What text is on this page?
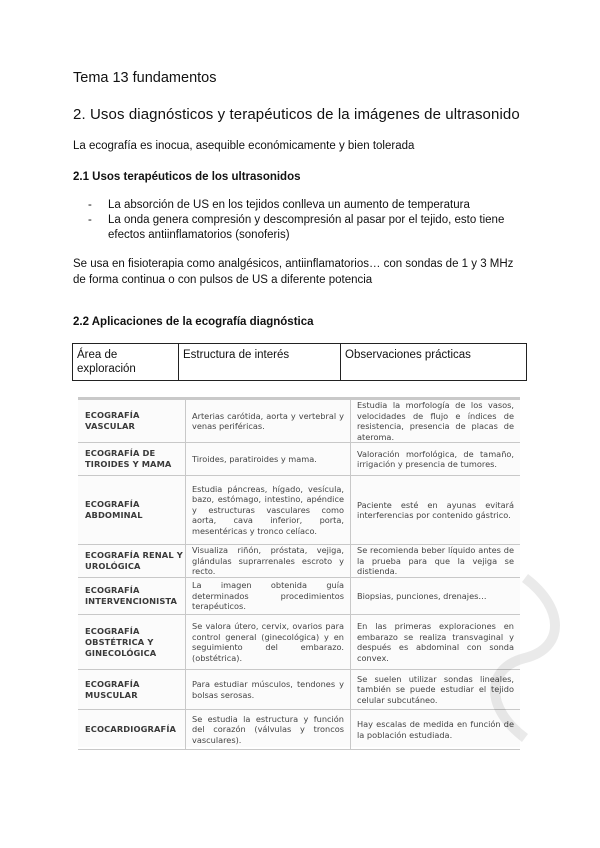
Tema 13 fundamentos
2. Usos diagnósticos y terapéuticos de la imágenes de ultrasonido
La ecografía es inocua, asequible económicamente y bien tolerada
2.1 Usos terapéuticos de los ultrasonidos
- La absorción de US en los tejidos conlleva un aumento de temperatura
- La onda genera compresión y descompresión al pasar por el tejido, esto tiene efectos antiinflamatorios (sonoferis)
Se usa en fisioterapia como analgésicos, antiinflamatorios… con sondas de 1 y 3 MHz de forma continua o con pulsos de US a diferente potencia
2.2 Aplicaciones de la ecografía diagnóstica
Área de exploración	Estructura de interés	Observaciones prácticas
ECOGRAFÍA VASCULAR	Arterias carótida, aorta y vertebral y venas periféricas.	Estudia la morfología de los vasos, velocidades de flujo e índices de resistencia, presencia de placas de ateroma.
ECOGRAFÍA DE TIROIDES Y MAMA	Tiroides, paratiroides y mama.	Valoración morfológica, de tamaño, irrigación y presencia de tumores.
ECOGRAFÍA ABDOMINAL	Estudia páncreas, hígado, vesícula, bazo, estómago, intestino, apéndice y estructuras vasculares como aorta, cava inferior, porta, mesentéricas y tronco celíaco.	Paciente esté en ayunas evitará interferencias por contenido gástrico.
ECOGRAFÍA RENAL Y UROLÓGICA	Visualiza riñón, próstata, vejiga, glándulas suprarrenales escroto y recto.	Se recomienda beber líquido antes de la prueba para que la vejiga se distienda.
ECOGRAFÍA INTERVENCIONISTA	La imagen obtenida guía determinados procedimientos terapéuticos.	Biopsias, punciones, drenajes…
ECOGRAFÍA OBSTÉTRICA Y GINECOLÓGICA	Se valora útero, cervix, ovarios para control general (ginecológica) y en seguimiento del embarazo. (obstétrica).	En las primeras exploraciones en embarazo se realiza transvaginal y después es abdominal con sonda convex.
ECOGRAFÍA MUSCULAR	Para estudiar músculos, tendones y bolsas serosas.	Se suelen utilizar sondas lineales, también se puede estudiar el tejido celular subcutáneo.
ECOCARDIOGRAFÍA	Se estudia la estructura y función del corazón (válvulas y troncos vasculares).	Hay escalas de medida en función de la población estudiada.
